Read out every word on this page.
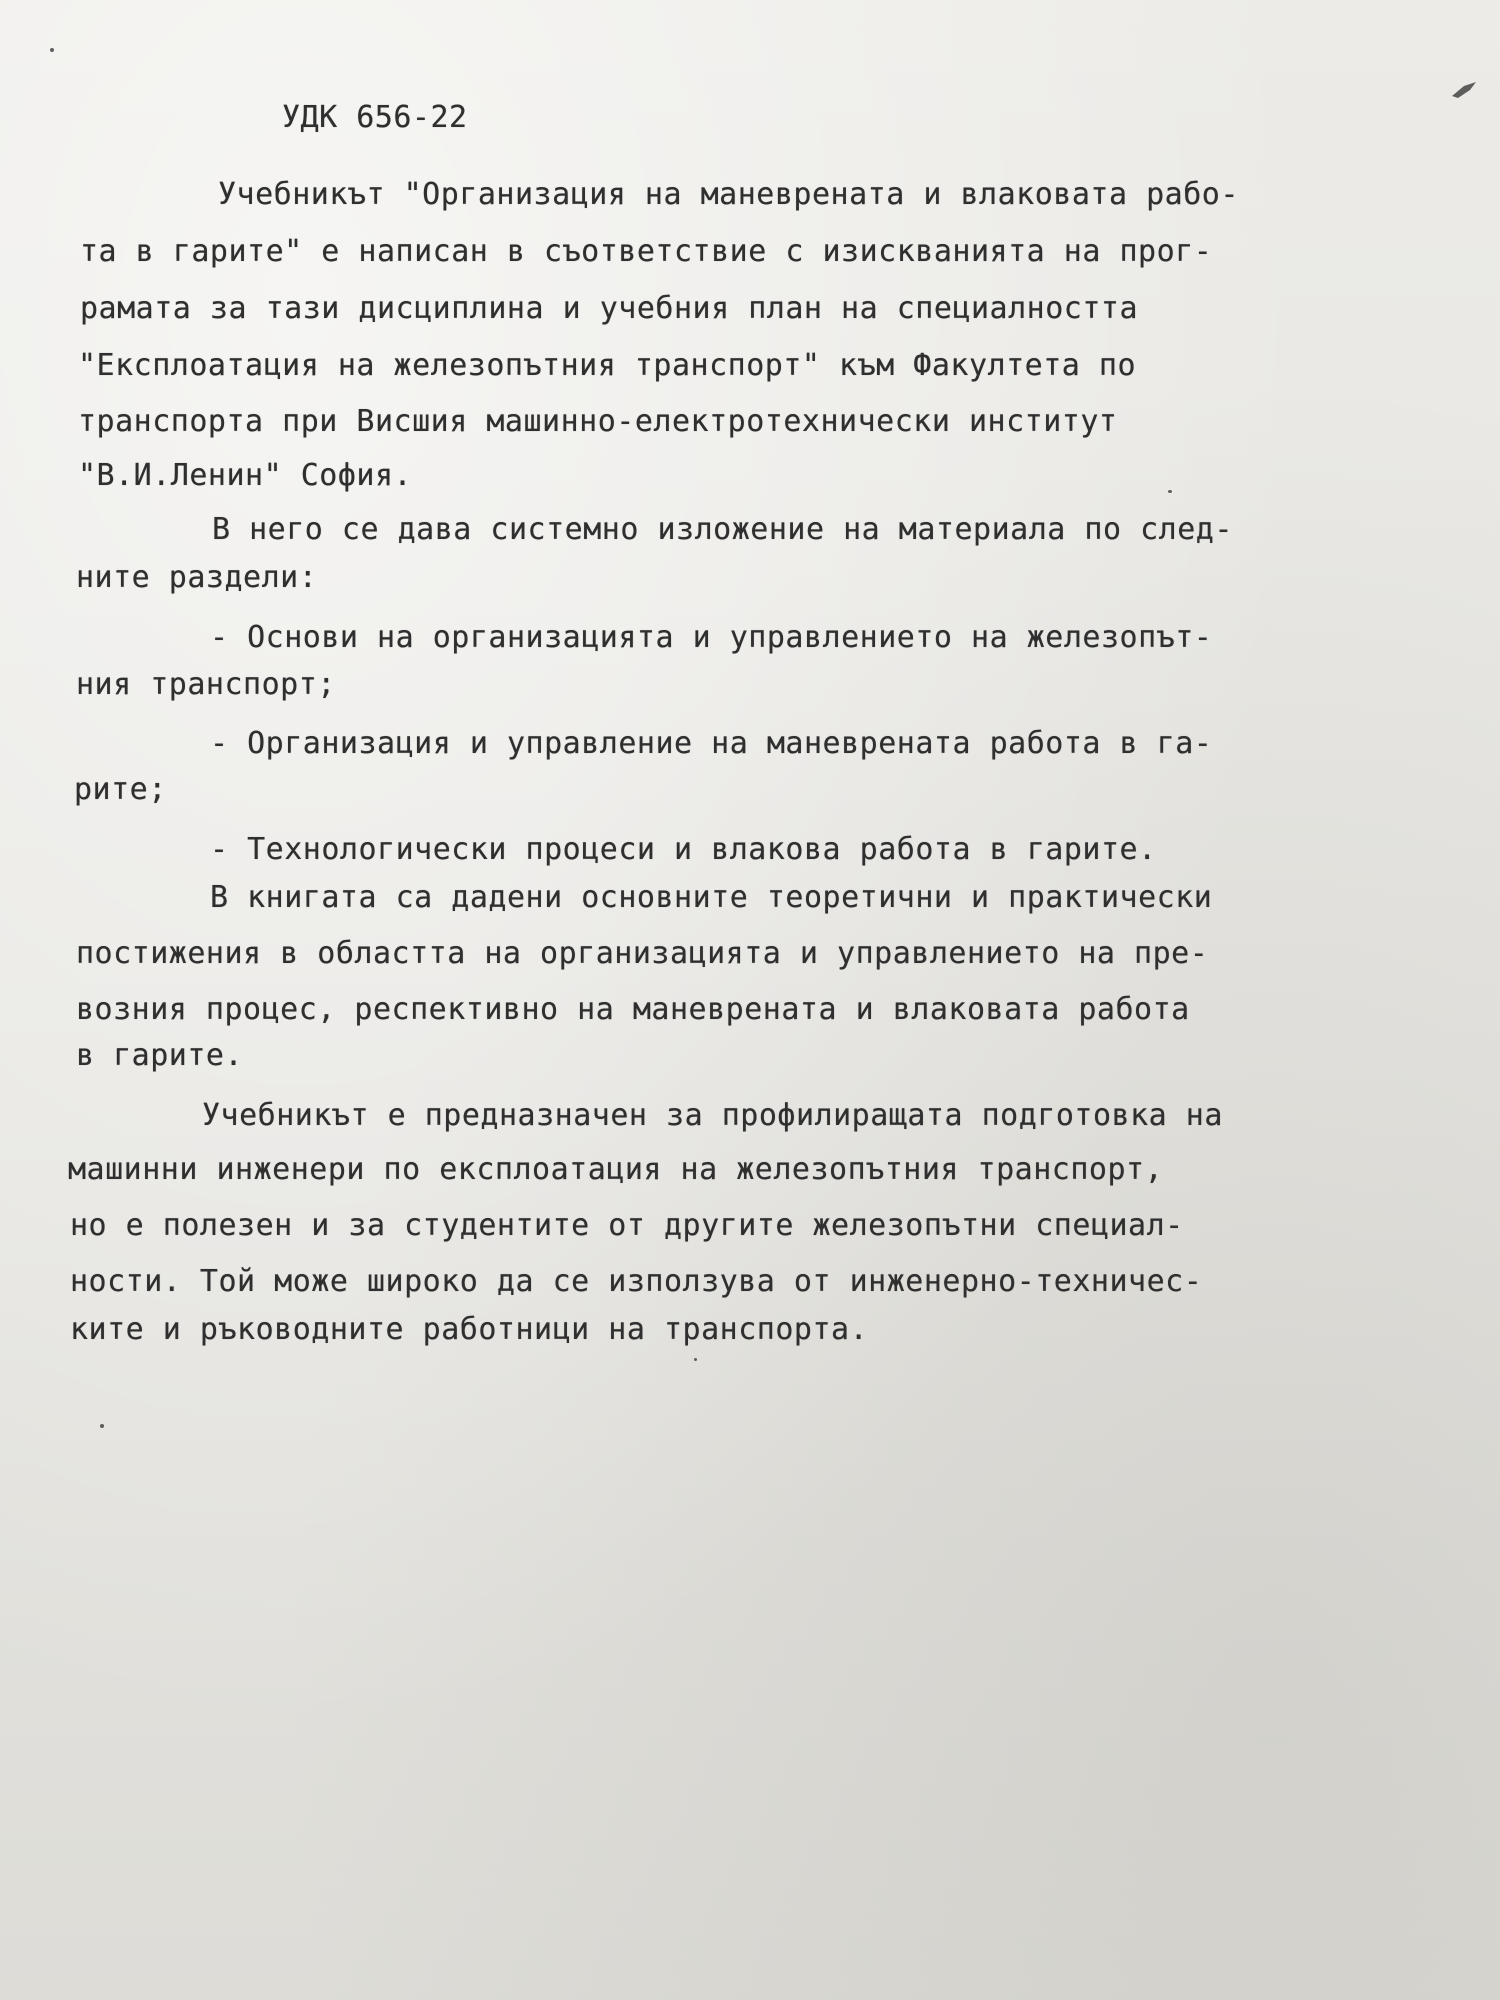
УДК 656-22
Учебникът "Организация на маневрената и влаковата рабо-
та в гарите" е написан в съответствие с изискванията на прог-
рамата за тази дисциплина и учебния план на специалността
"Експлоатация на железопътния транспорт" към Факултета по
транспорта при Висшия машинно-електротехнически институт
"В.И.Ленин" София.
В него се дава системно изложение на материала по след-
ните раздели:
- Основи на организацията и управлението на железопът-
ния транспорт;
- Организация и управление на маневрената работа в га-
рите;
- Технологически процеси и влакова работа в гарите.
В книгата са дадени основните теоретични и практически
постижения в областта на организацията и управлението на пре-
возния процес, респективно на маневрената и влаковата работа
в гарите.
Учебникът е предназначен за профилиращата подготовка на
машинни инженери по експлоатация на железопътния транспорт,
но е полезен и за студентите от другите железопътни специал-
ности. Той може широко да се използува от инженерно-техничес-
ките и ръководните работници на транспорта.
